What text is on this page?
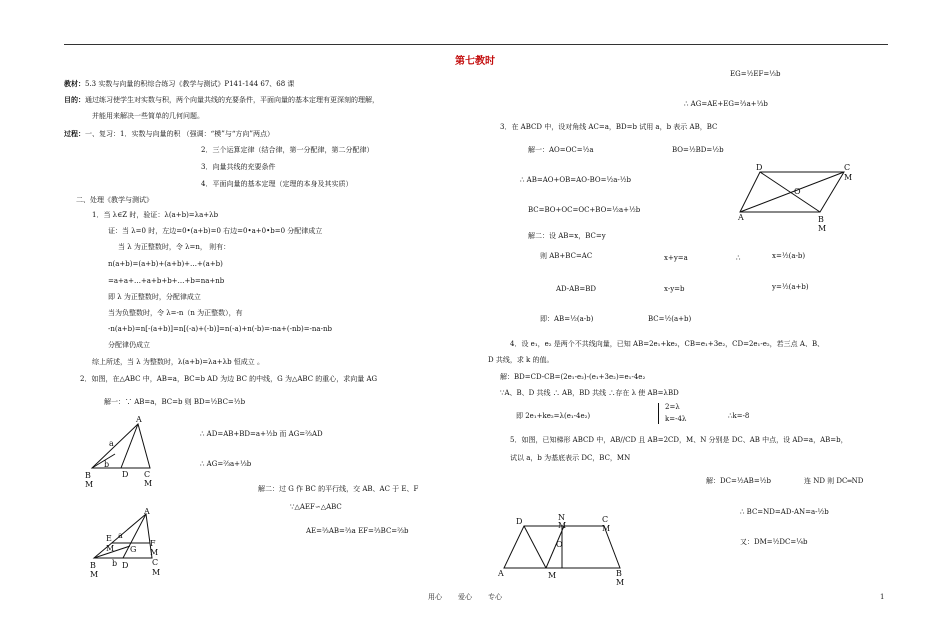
第七教时
教材：5.3 实数与向量的积综合练习《教学与测试》P141-144 67、68 课
目的：通过练习使学生对实数与积，两个向量共线的充要条件，平面向量的基本定理有更深刻的理解，
并能用来解决一些简单的几何问题。
过程：一、复习：1．实数与向量的积 （强调：“模”与“方向”两点）
2．三个运算定律（结合律，第一分配律，第二分配律）
3．向量共线的充要条件
4．平面向量的基本定理（定理的本身及其实质）
二、处理《教学与测试》
1．当 λ∈Z 时，验证：λ(a+b)=λa+λb
证：当 λ=0 时，左边=0•(a+b)=0 右边=0•a+0•b=0 分配律成立
当 λ 为正整数时，令 λ=n， 则有：
n(a+b)=(a+b)+(a+b)+…+(a+b)
=a+a+…+a+b+b+…+b=na+nb
即 λ 为正整数时，分配律成立
当为负整数时，令 λ=-n（n 为正整数），有
-n(a+b)=n[-(a+b)]=n[(-a)+(-b)]=n(-a)+n(-b)=-na+(-nb)=-na-nb
分配律仍成立
综上所述，当 λ 为整数时，λ(a+b)=λa+λb 恒成立 。
2．如图，在△ABC 中，AB=a，BC=b AD 为边 BC 的中线，G 为△ABC 的重心，求向量 AG
解一：∵ AB=a，BC=b 则 BD=½BC=½b
∴ AD=AB+BD=a+½b 而 AG=⅔AD
∴ AG=⅔a+⅓b
解二：过 G 作 BC 的平行线，交 AB、AC 于 E、F
∵△AEF∽△ABC
AE=⅔AB=⅔a EF=⅔BC=⅔b
A
B
M
D C
M
a
b
A
E
M G
F
M
B
M
D	C
M
a
b
EG=½EF=⅓b
∴ AG=AE+EG=⅔a+⅓b
3．在 ABCD 中，设对角线 AC=a，BD=b 试用 a，b 表示 AB，BC
解一：AO=OC=½a	BO=½BD=½b
∴ AB=AO+OB=AO-BO=½a-½b
BC=BO+OC=OC+BO=½a+½b
解二：设 AB=x，BC=y
则 AB+BC=AC	x+y=a	∴	x=½(a-b)
AD-AB=BD	x-y=b	y=½(a+b)
即：AB=½(a-b)	BC=½(a+b)
D	C
M
O
A	B
M
4．设 e₁，e₂ 是两个不共线向量，已知 AB=2e₁+ke₂，CB=e₁+3e₂，CD=2e₁-e₂，若三点 A、B、
D 共线，求 k 的值。
解：BD=CD-CB=(2e₁-e₂)-(e₁+3e₂)=e₁-4e₂
∵A、B、D 共线 ∴ AB，BD 共线 ∴存在 λ 使 AB=λBD
即 2e₁+ke₂=λ(e₁-4e₂)
2=λ
k=-4λ	∴k=-8
5．如图，已知梯形 ABCD 中，AB//CD 且 AB=2CD，M、N 分别是 DC、AB 中点，设 AD=a，AB=b，
试以 a，b 为基底表示 DC，BC，MN
解：DC=½AB=½b	连 ND 则 DC═ND
∴ BC=ND=AD-AN=a-½b
又：DM=½DC=¼b
D	N
M
C
M
O
A	M	B
M
用心 爱心 专心	1
